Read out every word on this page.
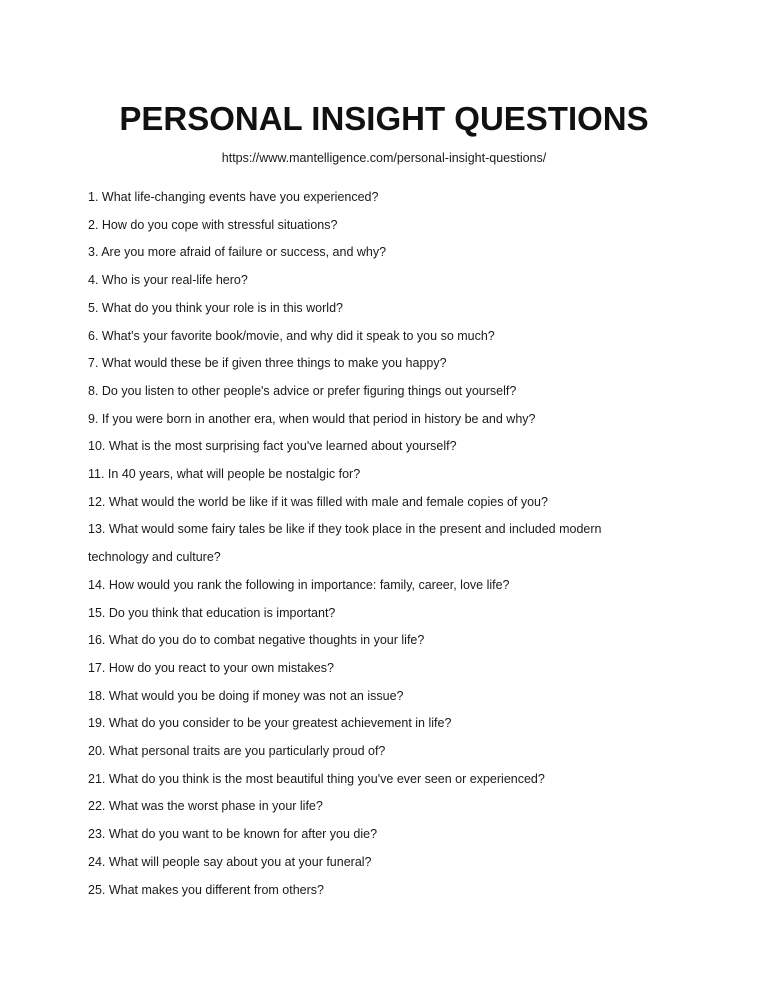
PERSONAL INSIGHT QUESTIONS
https://www.mantelligence.com/personal-insight-questions/
1. What life-changing events have you experienced?
2. How do you cope with stressful situations?
3. Are you more afraid of failure or success, and why?
4. Who is your real-life hero?
5. What do you think your role is in this world?
6. What's your favorite book/movie, and why did it speak to you so much?
7. What would these be if given three things to make you happy?
8. Do you listen to other people's advice or prefer figuring things out yourself?
9. If you were born in another era, when would that period in history be and why?
10. What is the most surprising fact you've learned about yourself?
11. In 40 years, what will people be nostalgic for?
12. What would the world be like if it was filled with male and female copies of you?
13. What would some fairy tales be like if they took place in the present and included modern technology and culture?
14. How would you rank the following in importance: family, career, love life?
15. Do you think that education is important?
16. What do you do to combat negative thoughts in your life?
17. How do you react to your own mistakes?
18. What would you be doing if money was not an issue?
19. What do you consider to be your greatest achievement in life?
20. What personal traits are you particularly proud of?
21. What do you think is the most beautiful thing you've ever seen or experienced?
22. What was the worst phase in your life?
23. What do you want to be known for after you die?
24. What will people say about you at your funeral?
25. What makes you different from others?
